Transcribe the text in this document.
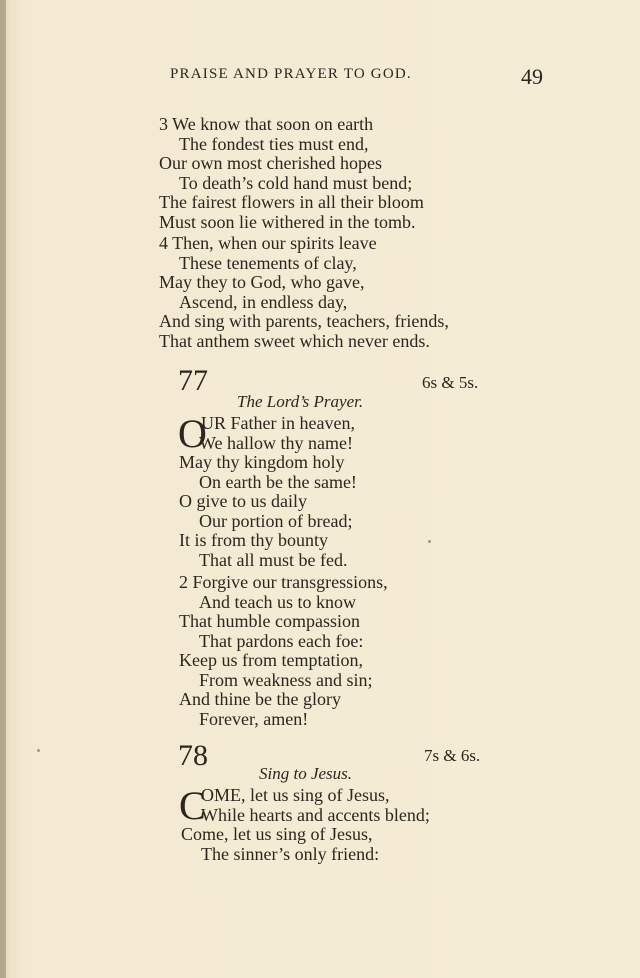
PRAISE AND PRAYER TO GOD.	49
3 We know that soon on earth
The fondest ties must end,
Our own most cherished hopes
To death’s cold hand must bend;
The fairest flowers in all their bloom
Must soon lie withered in the tomb.
4 Then, when our spirits leave
These tenements of clay,
May they to God, who gave,
Ascend, in endless day,
And sing with parents, teachers, friends,
That anthem sweet which never ends.
77	6s & 5s.
The Lord’s Prayer.
O
UR Father in heaven,
We hallow thy name!
May thy kingdom holy
On earth be the same!
O give to us daily
Our portion of bread;
It is from thy bounty
That all must be fed.
2 Forgive our transgressions,
And teach us to know
That humble compassion
That pardons each foe:
Keep us from temptation,
From weakness and sin;
And thine be the glory
Forever, amen!
78	7s & 6s.
Sing to Jesus.
C
OME, let us sing of Jesus,
While hearts and accents blend;
Come, let us sing of Jesus,
The sinner’s only friend:
